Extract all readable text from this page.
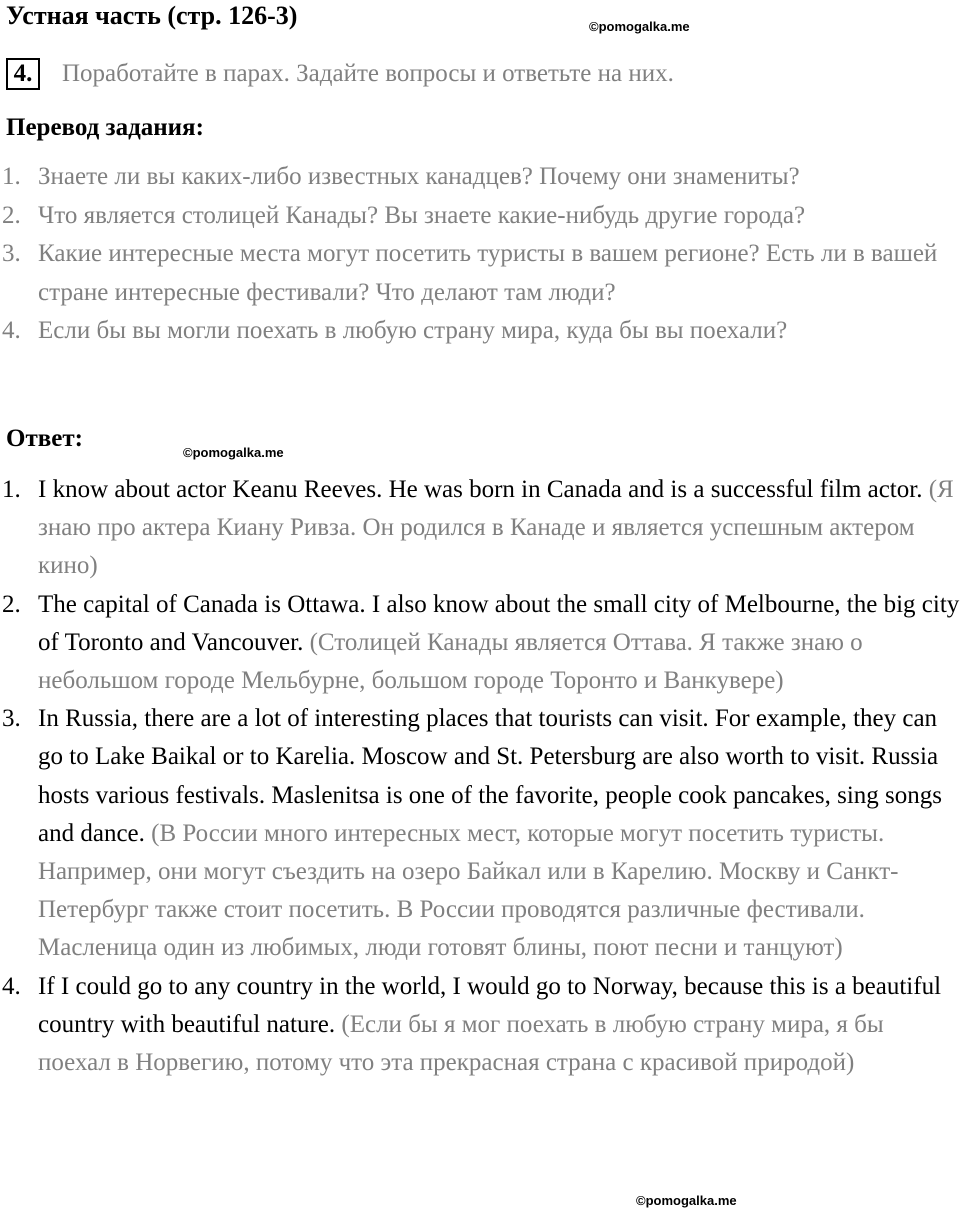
Устная часть (стр. 126-3)	©pomogalka.me
4.	Поработайте в парах. Задайте вопросы и ответьте на них.
Перевод задания:
1. Знаете ли вы каких-либо известных канадцев? Почему они знамениты?
2. Что является столицей Канады? Вы знаете какие-нибудь другие города?
3. Какие интересные места могут посетить туристы в вашем регионе? Есть ли в вашей стране интересные фестивали? Что делают там люди?
4. Если бы вы могли поехать в любую страну мира, куда бы вы поехали?
Ответ:
©pomogalka.me
1. I know about actor Keanu Reeves. He was born in Canada and is a successful film actor. (Я знаю про актера Киану Ривза. Он родился в Канаде и является успешным актером кино)
2. The capital of Canada is Ottawa. I also know about the small city of Melbourne, the big city of Toronto and Vancouver. (Столицей Канады является Оттава. Я также знаю о небольшом городе Мельбурне, большом городе Торонто и Ванкувере)
3. In Russia, there are a lot of interesting places that tourists can visit. For example, they can go to Lake Baikal or to Karelia. Moscow and St. Petersburg are also worth to visit. Russia hosts various festivals. Maslenitsa is one of the favorite, people cook pancakes, sing songs and dance. (В России много интересных мест, которые могут посетить туристы. Например, они могут съездить на озеро Байкал или в Карелию. Москву и Санкт-Петербург также стоит посетить. В России проводятся различные фестивали. Масленица один из любимых, люди готовят блины, поют песни и танцуют)
4. If I could go to any country in the world, I would go to Norway, because this is a beautiful country with beautiful nature. (Если бы я мог поехать в любую страну мира, я бы поехал в Норвегию, потому что эта прекрасная страна с красивой природой)
©pomogalka.me
